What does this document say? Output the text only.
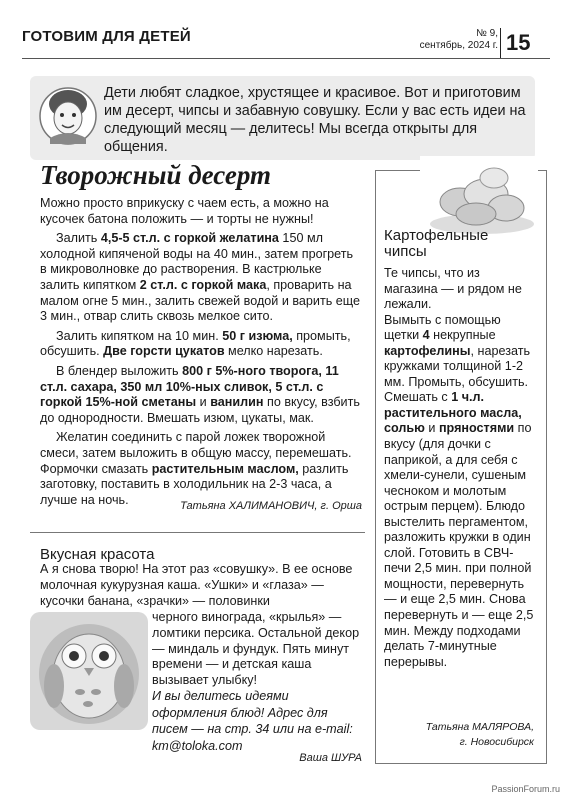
ГОТОВИМ ДЛЯ ДЕТЕЙ	№ 9,
сентябрь, 2024 г. 15
Дети любят сладкое, хрустящее и красивое. Вот и приготовим им десерт, чипсы и забавную совушку. Если у вас есть идеи на следующий месяц — делитесь! Мы всегда открыты для общения.
Творожный десерт

Можно просто вприкуску с чаем есть, а можно на кусочек батона положить — и торты не нужны!

Залить 4,5-5 ст.л. с горкой желатина 150 мл холодной кипяченой воды на 40 мин., затем прогреть в микроволновке до растворения. В кастрюльке залить кипятком 2 ст.л. с горкой мака, проварить на малом огне 5 мин., залить свежей водой и варить еще 3 мин., отвар слить сквозь мелкое сито.

Залить кипятком на 10 мин. 50 г изюма, промыть, обсушить. Две горсти цукатов мелко нарезать.

В блендер выложить 800 г 5%-ного творога, 11 ст.л. сахара, 350 мл 10%-ных сливок, 5 ст.л. с горкой 15%-ной сметаны и ванилин по вкусу, взбить до однородности. Вмешать изюм, цукаты, мак.

Желатин соединить с парой ложек творожной смеси, затем выложить в общую массу, перемешать. Формочки смазать растительным маслом, разлить заготовку, поставить в холодильник на 2-3 часа, а лучше на ночь.	Татьяна ХАЛИМАНОВИЧ, г. Орша
Картофельные
чипсы
Те чипсы, что из магазина — и рядом не лежали.
Вымыть с помощью щетки 4 некрупные картофелины, нарезать кружками толщиной 1-2 мм. Промыть, обсушить. Смешать с 1 ч.л. растительного масла, солью и пряностями по вкусу (для дочки с паприкой, а для себя с хмели-сунели, сушеным чесноком и молотым острым перцем). Блюдо выстелить пергаментом, разложить кружки в один слой. Готовить в СВЧ-печи 2,5 мин. при полной мощности, перевернуть — и еще 2,5 мин. Снова перевернуть и — еще 2,5 мин. Между подходами делать 7-минутные перерывы.
Татьяна МАЛЯРОВА,
г. Новосибирск
Вкусная красота
А я снова творю! На этот раз «совушку». В ее основе молочная кукурузная каша. «Ушки» и «глаза» — кусочки банана, «зрачки» — половинки
черного винограда, «крылья» — ломтики персика. Остальной декор — миндаль и фундук. Пять минут времени — и детская каша вызывает улыбку!
И вы делитесь идеями оформления блюд! Адрес для писем — на стр. 34 или на e-mail: km@toloka.com
Ваша ШУРА
PassionForum.ru
